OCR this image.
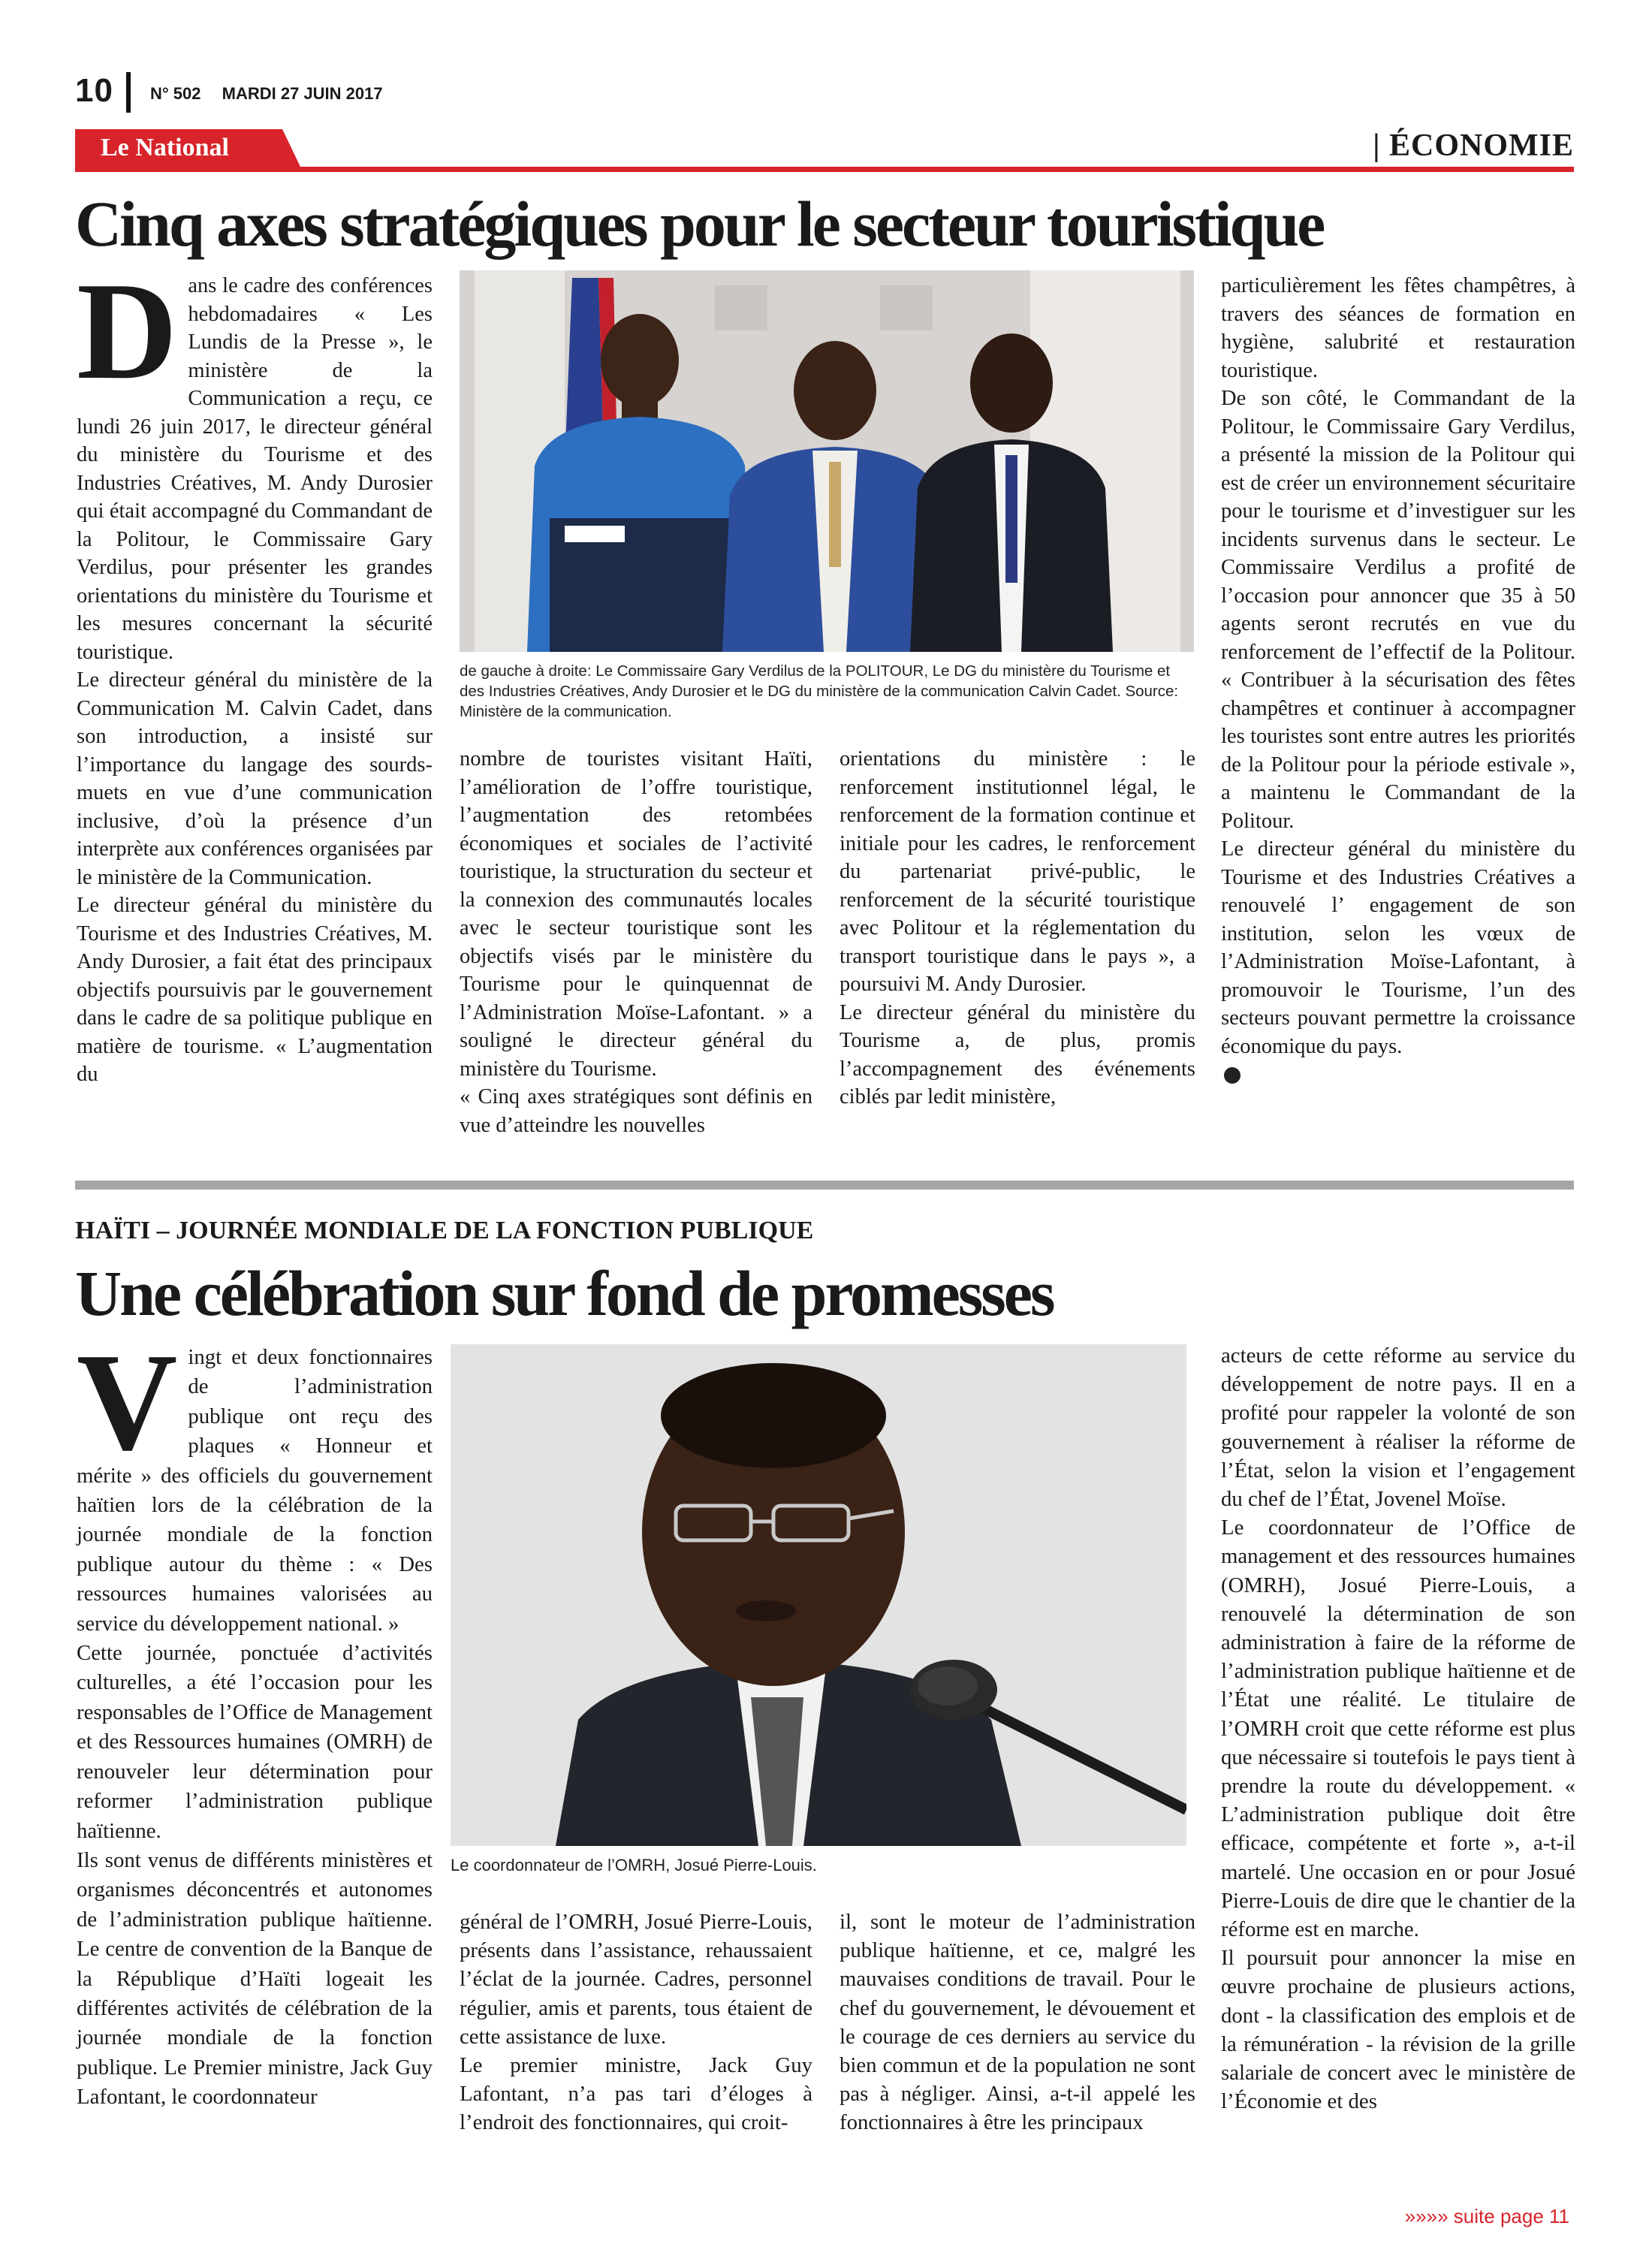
10 N° 502 MARDI 27 JUIN 2017
Le National	| ÉCONOMIE
Cinq axes stratégiques pour le secteur touristique
D ans le cadre des conférences hebdomadaires « Les Lundis de la Presse », le ministère de la Communication a reçu, ce lundi 26 juin 2017, le directeur général du ministère du Tourisme et des Industries Créatives, M. Andy Durosier qui était accompagné du Commandant de la Politour, le Commissaire Gary Verdilus, pour présenter les grandes orientations du ministère du Tourisme et les mesures concernant la sécurité touristique.

Le directeur général du ministère de la Communication M. Calvin Cadet, dans son introduction, a insisté sur l’importance du langage des sourds-muets en vue d’une communication inclusive, d’où la présence d’un interprète aux conférences organisées par le ministère de la Communication.

Le directeur général du ministère du Tourisme et des Industries Créatives, M. Andy Durosier, a fait état des principaux objectifs poursuivis par le gouvernement dans le cadre de sa politique publique en matière de tourisme. « L’augmentation du

de gauche à droite: Le Commissaire Gary Verdilus de la POLITOUR, Le DG du ministère du Tourisme et des Industries Créatives, Andy Durosier et le DG du ministère de la communication Calvin Cadet. Source: Ministère de la communication.

nombre de touristes visitant Haïti, l’amélioration de l’offre touristique, l’augmentation des retombées économiques et sociales de l’activité touristique, la structuration du secteur et la connexion des communautés locales avec le secteur touristique sont les objectifs visés par le ministère du Tourisme pour le quinquennat de l’Administration Moïse-Lafontant. » a souligné le directeur général du ministère du Tourisme.

« Cinq axes stratégiques sont définis en vue d’atteindre les nouvelles

orientations du ministère : le renforcement institutionnel légal, le renforcement de la formation continue et initiale pour les cadres, le renforcement du partenariat privé-public, le renforcement de la sécurité touristique avec Politour et la réglementation du transport touristique dans le pays », a poursuivi M. Andy Durosier.

Le directeur général du ministère du Tourisme a, de plus, promis l’accompagnement des événements ciblés par ledit ministère,

particulièrement les fêtes champêtres, à travers des séances de formation en hygiène, salubrité et restauration touristique.

De son côté, le Commandant de la Politour, le Commissaire Gary Verdilus, a présenté la mission de la Politour qui est de créer un environnement sécuritaire pour le tourisme et d’investiguer sur les incidents survenus dans le secteur. Le Commissaire Verdilus a profité de l’occasion pour annoncer que 35 à 50 agents seront recrutés en vue du renforcement de l’effectif de la Politour. « Contribuer à la sécurisation des fêtes champêtres et continuer à accompagner les touristes sont entre autres les priorités de la Politour pour la période estivale », a maintenu le Commandant de la Politour.

Le directeur général du ministère du Tourisme et des Industries Créatives a renouvelé l’ engagement de son institution, selon les vœux de l’Administration Moïse-Lafontant, à promouvoir le Tourisme, l’un des secteurs pouvant permettre la croissance économique du pays.

HAÏTI – JOURNÉE MONDIALE DE LA FONCTION PUBLIQUE
Une célébration sur fond de promesses
V ingt et deux fonctionnaires de l’administration publique ont reçu des plaques « Honneur et mérite » des officiels du gouvernement haïtien lors de la célébration de la journée mondiale de la fonction publique autour du thème : « Des ressources humaines valorisées au service du développement national. »

Cette journée, ponctuée d’activités culturelles, a été l’occasion pour les responsables de l’Office de Management et des Ressources humaines (OMRH) de renouveler leur détermination pour reformer l’administration publique haïtienne.

Ils sont venus de différents ministères et organismes déconcentrés et autonomes de l’administration publique haïtienne. Le centre de convention de la Banque de la République d’Haïti logeait les différentes activités de célébration de la journée mondiale de la fonction publique. Le Premier ministre, Jack Guy Lafontant, le coordonnateur

Le coordonnateur de l’OMRH, Josué Pierre-Louis.

général de l’OMRH, Josué Pierre-Louis, présents dans l’assistance, rehaussaient l’éclat de la journée. Cadres, personnel régulier, amis et parents, tous étaient de cette assistance de luxe.

Le premier ministre, Jack Guy Lafontant, n’a pas tari d’éloges à l’endroit des fonctionnaires, qui croit-

il, sont le moteur de l’administration publique haïtienne, et ce, malgré les mauvaises conditions de travail. Pour le chef du gouvernement, le dévouement et le courage de ces derniers au service du bien commun et de la population ne sont pas à négliger. Ainsi, a-t-il appelé les fonctionnaires à être les principaux

acteurs de cette réforme au service du développement de notre pays. Il en a profité pour rappeler la volonté de son gouvernement à réaliser la réforme de l’État, selon la vision et l’engagement du chef de l’État, Jovenel Moïse.

Le coordonnateur de l’Office de management et des ressources humaines (OMRH), Josué Pierre-Louis, a renouvelé la détermination de son administration à faire de la réforme de l’administration publique haïtienne et de l’État une réalité. Le titulaire de l’OMRH croit que cette réforme est plus que nécessaire si toutefois le pays tient à prendre la route du développement. « L’administration publique doit être efficace, compétente et forte », a-t-il martelé. Une occasion en or pour Josué Pierre-Louis de dire que le chantier de la réforme est en marche.

Il poursuit pour annoncer la mise en œuvre prochaine de plusieurs actions, dont - la classification des emplois et de la rémunération - la révision de la grille salariale de concert avec le ministère de l’Économie et des

»»»» suite page 11
